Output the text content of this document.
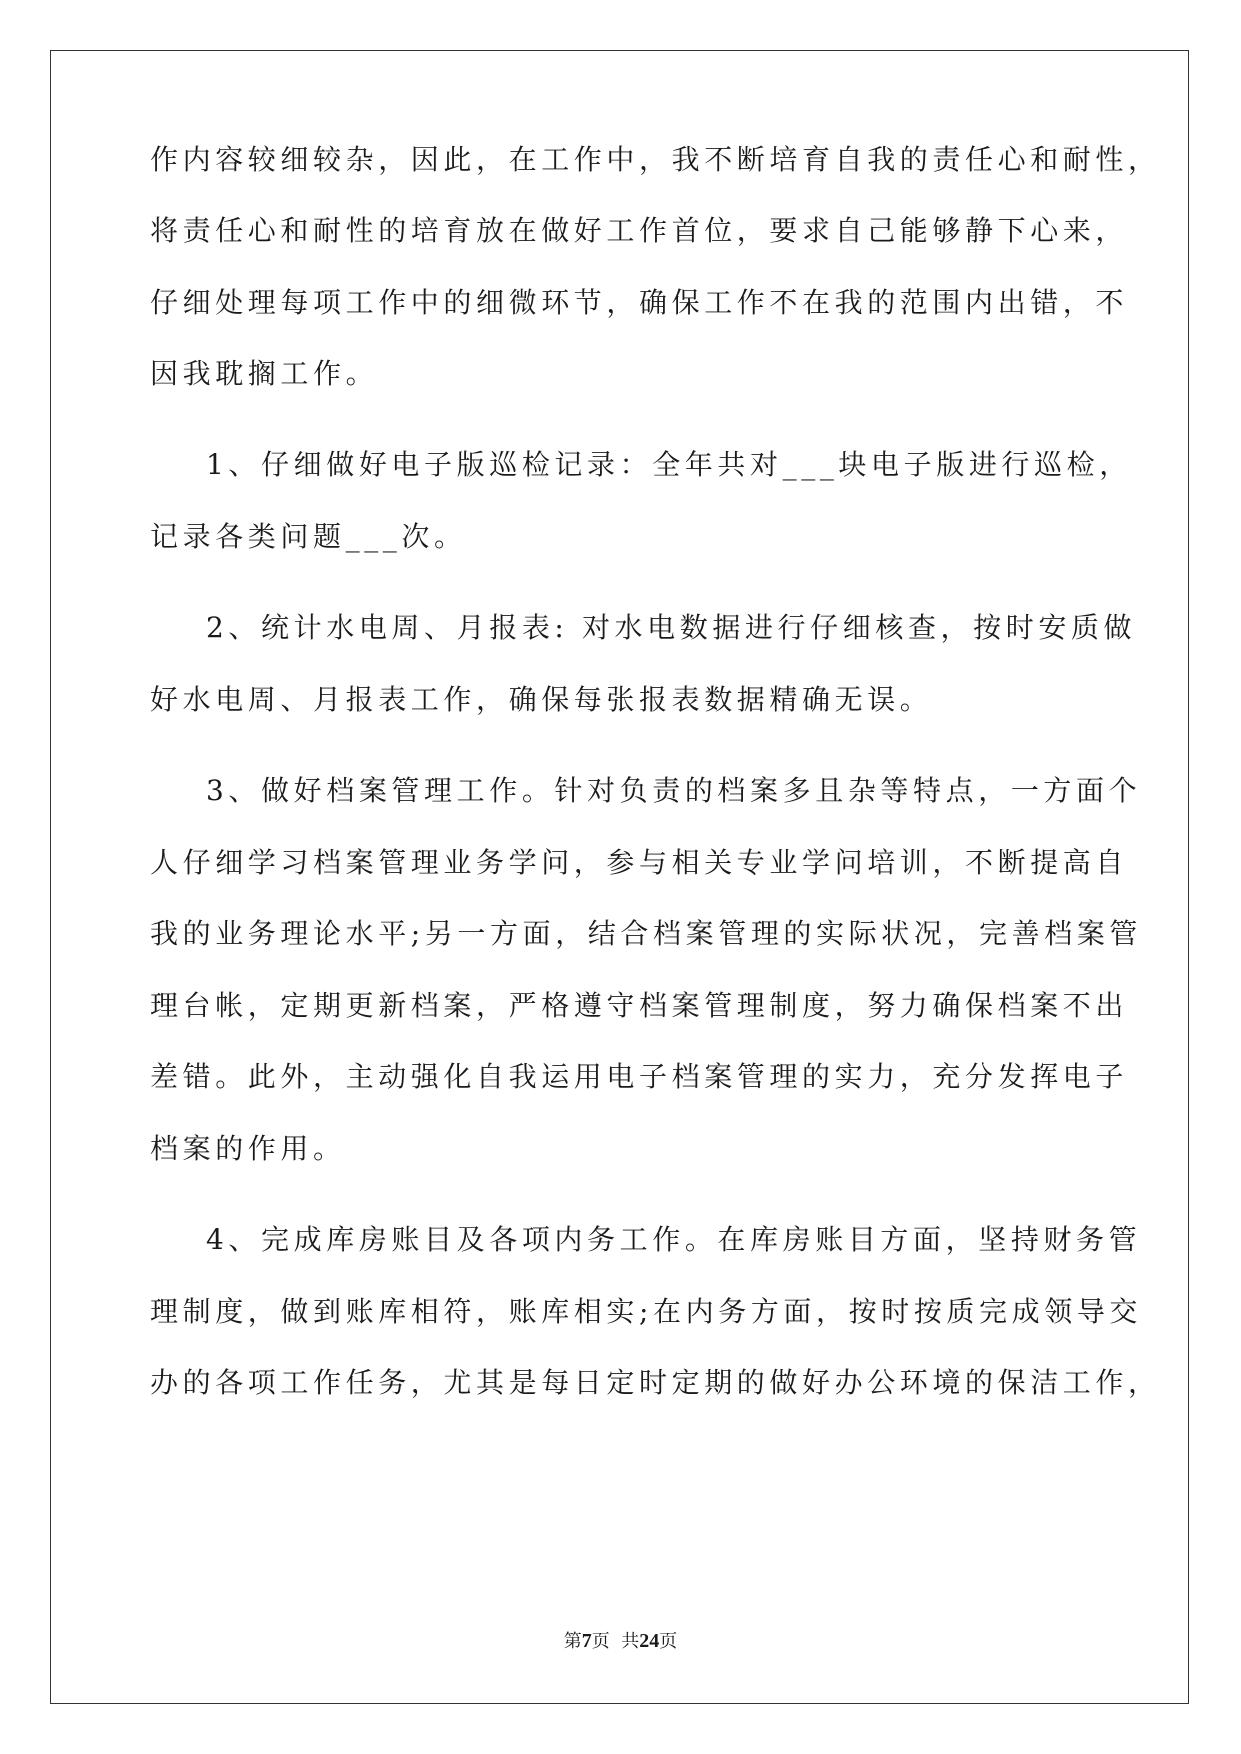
作内容较细较杂，因此，在工作中，我不断培育自我的责任心和耐性，
将责任心和耐性的培育放在做好工作首位，要求自己能够静下心来，
仔细处理每项工作中的细微环节，确保工作不在我的范围内出错，不
因我耽搁工作。
1、仔细做好电子版巡检记录：全年共对___块电子版进行巡检，
记录各类问题___次。
2、统计水电周、月报表: 对水电数据进行仔细核查，按时安质做
好水电周、月报表工作，确保每张报表数据精确无误。
3、做好档案管理工作。针对负责的档案多且杂等特点，一方面个
人仔细学习档案管理业务学问，参与相关专业学问培训，不断提高自
我的业务理论水平;另一方面，结合档案管理的实际状况，完善档案管
理台帐，定期更新档案，严格遵守档案管理制度，努力确保档案不出
差错。此外，主动强化自我运用电子档案管理的实力，充分发挥电子
档案的作用。
4、完成库房账目及各项内务工作。在库房账目方面，坚持财务管
理制度，做到账库相符，账库相实;在内务方面，按时按质完成领导交
办的各项工作任务，尤其是每日定时定期的做好办公环境的保洁工作，
第7页  共24页
